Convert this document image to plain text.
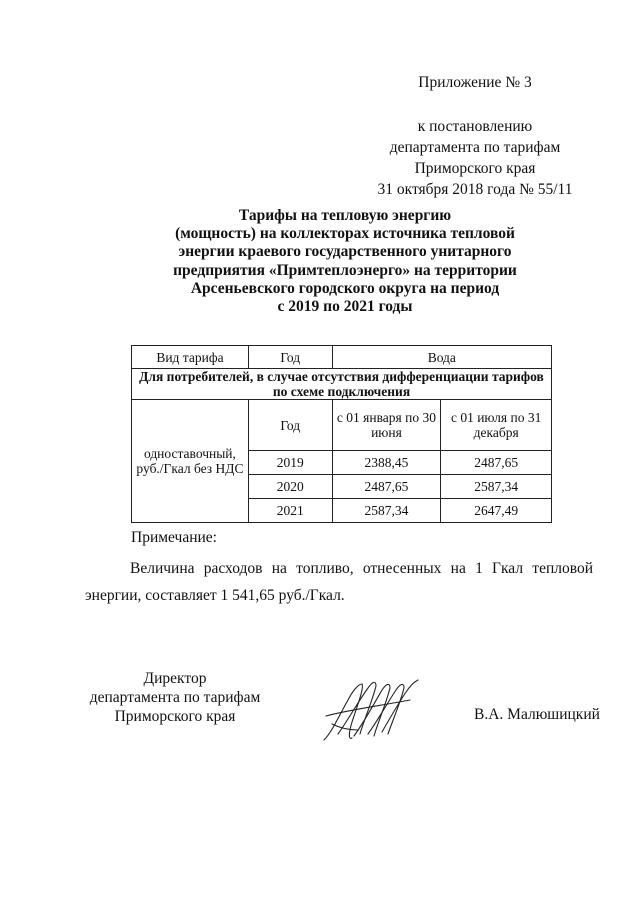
Приложение № 3
к постановлению
департамента по тарифам
Приморского края
31 октября 2018 года № 55/11
Тарифы на тепловую энергию
(мощность) на коллекторах источника тепловой
энергии краевого государственного унитарного
предприятия «Примтеплоэнерго» на территории
Арсеньевского городского округа на период
с 2019 по 2021 годы
Вид тарифа	Год	Вода	
Для потребителей, в случае отсутствия дифференциации тарифов по схеме подключения			
одноставочный, руб./Гкал без НДС	Год	с 01 января по 30 июня	с 01 июля по 31 декабря
	2019	2388,45	2487,65
	2020	2487,65	2587,34
	2021	2587,34	2647,49
Примечание:
Величина расходов на топливо, отнесенных на 1 Гкал тепловой энергии, составляет 1 541,65 руб./Гкал.
Директор
департамента по тарифам
Приморского края	В.А. Малюшицкий
